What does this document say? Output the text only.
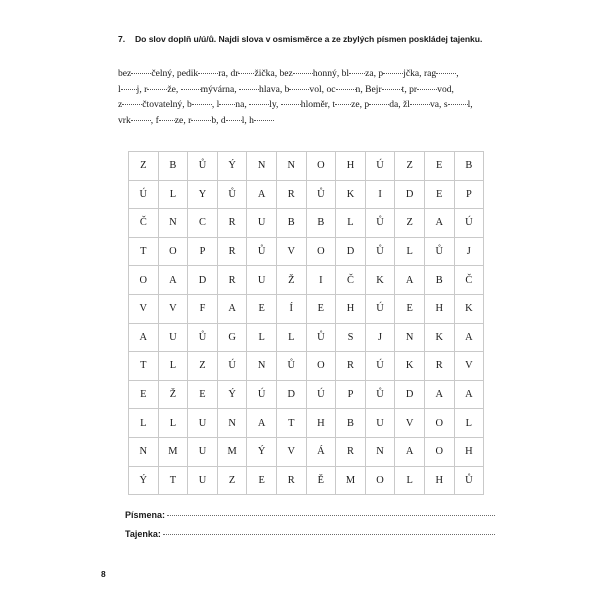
7.	Do slov doplň u/ú/ů. Najdi slova v osmisměrce a ze zbylých písmen poskládej tajenku.
bez čelný, pedik ra, dr žička, bez honný, bl za, p jčka, rag ,
l j, r že, mývárna, hlava, b vol, oc n, Bejr t, pr vod,
z čtovatelný, b , l na, ly, hloměr, t ze, p da, žl va, s l,
vrk , f ze, r b, d l, h
Z	B	Ů	Ý	N	N	O	H	Ú	Z	E	B
Ú	L	Y	Ů	A	R	Ů	K	I	D	E	P
Č	N	C	R	U	B	B	L	Ů	Z	A	Ú
T	O	P	R	Ů	V	O	D	Ů	L	Ů	J
O	A	D	R	U	Ž	I	Č	K	A	B	Č
V	V	F	A	E	Í	E	H	Ú	E	H	K
A	U	Ů	G	L	L	Ů	S	J	N	K	A
T	L	Z	Ú	N	Ů	O	R	Ú	K	R	V
E	Ž	E	Ý	Ú	D	Ú	P	Ů	D	A	A
L	L	U	N	A	T	H	B	U	V	O	L
N	M	U	M	Ý	V	Á	R	N	A	O	H
Ý	T	U	Z	E	R	Ě	M	O	L	H	Ů
Písmena:
Tajenka:
8
